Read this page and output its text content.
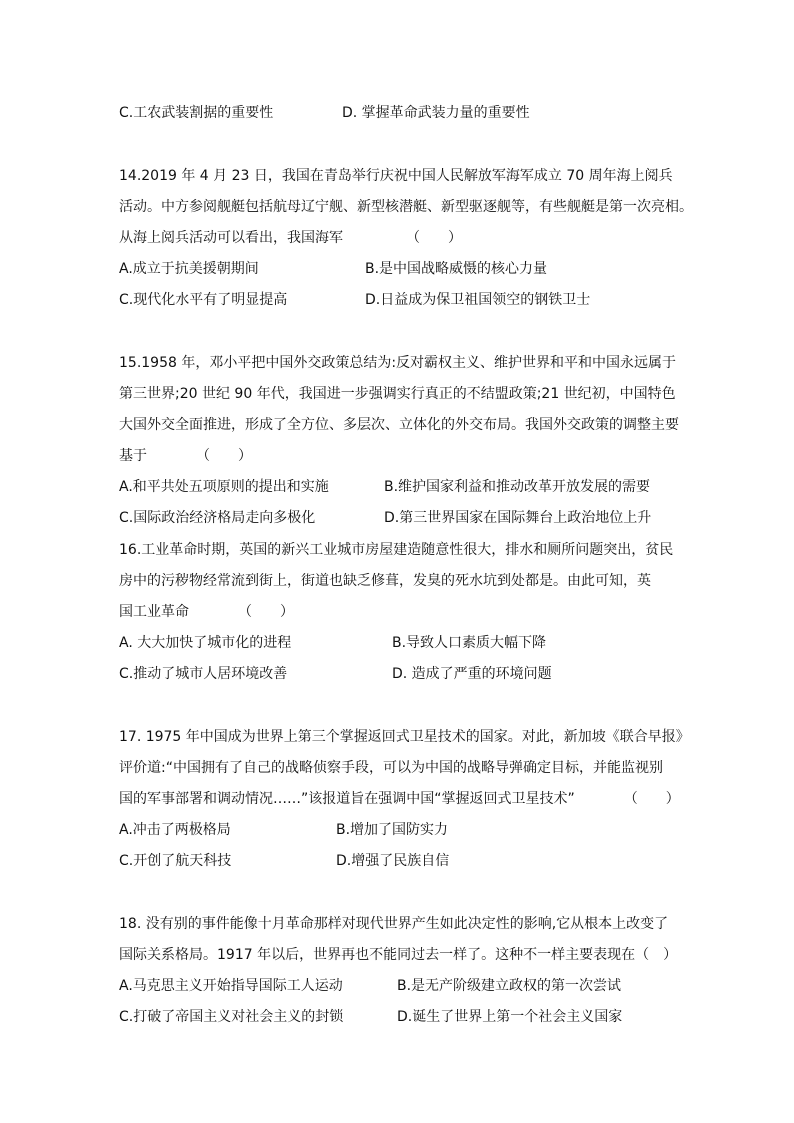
C.工农武装割据的重要性	D. 掌握革命武装力量的重要性
14.2019 年 4 月 23 日，我国在青岛举行庆祝中国人民解放军海军成立 70 周年海上阅兵
活动。中方参阅舰艇包括航母辽宁舰、新型核潜艇、新型驱逐舰等，有些舰艇是第一次亮相。
从海上阅兵活动可以看出，我国海军　　　　　（　　）
A.成立于抗美援朝期间	B.是中国战略威慑的核心力量
C.现代化水平有了明显提高	D.日益成为保卫祖国领空的钢铁卫士
15.1958 年，邓小平把中国外交政策总结为:反对霸权主义、维护世界和平和中国永远属于
第三世界;20 世纪 90 年代，我国进一步强调实行真正的不结盟政策;21 世纪初，中国特色
大国外交全面推进，形成了全方位、多层次、立体化的外交布局。我国外交政策的调整主要
基于　　　　（　　）
A.和平共处五项原则的提出和实施	B.维护国家利益和推动改革开放发展的需要
C.国际政治经济格局走向多极化	D.第三世界国家在国际舞台上政治地位上升
16.工业革命时期，英国的新兴工业城市房屋建造随意性很大，排水和厕所问题突出，贫民
房中的污秽物经常流到街上，街道也缺乏修葺，发臭的死水坑到处都是。由此可知，英
国工业革命　　　　（　　）
A. 大大加快了城市化的进程	B.导致人口素质大幅下降
C.推动了城市人居环境改善	D. 造成了严重的环境问题
17. 1975 年中国成为世界上第三个掌握返回式卫星技术的国家。对此，新加坡《联合早报》
评价道:“中国拥有了自己的战略侦察手段，可以为中国的战略导弹确定目标，并能监视别
国的军事部署和调动情况……”该报道旨在强调中国“掌握返回式卫星技术”　　　　（　　）
A.冲击了两极格局	B.增加了国防实力
C.开创了航天科技	D.增强了民族自信
18. 没有别的事件能像十月革命那样对现代世界产生如此决定性的影响,它从根本上改变了
国际关系格局。1917 年以后，世界再也不能同过去一样了。这种不一样主要表现在（　）
A.马克思主义开始指导国际工人运动	B.是无产阶级建立政权的第一次尝试
C.打破了帝国主义对社会主义的封锁	D.诞生了世界上第一个社会主义国家
